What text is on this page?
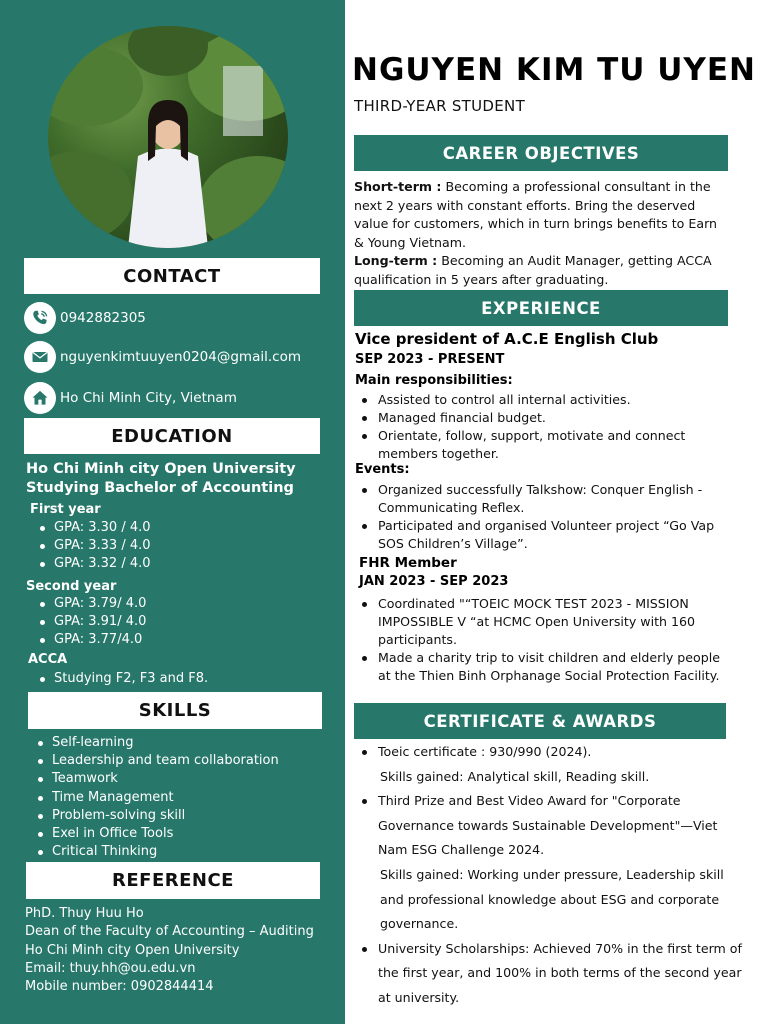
CONTACT
0942882305
nguyenkimtuuyen0204@gmail.com
Ho Chi Minh City, Vietnam
EDUCATION
Ho Chi Minh city Open University
Studying Bachelor of Accounting
First year
GPA: 3.30 / 4.0
GPA: 3.33 / 4.0
GPA: 3.32 / 4.0
Second year
GPA: 3.79/ 4.0
GPA: 3.91/ 4.0
GPA: 3.77/4.0
ACCA
Studying F2, F3 and F8.
SKILLS
Self-learning
Leadership and team collaboration
Teamwork
Time Management
Problem-solving skill
Exel in Office Tools
Critical Thinking
REFERENCE
PhD. Thuy Huu Ho
Dean of the Faculty of Accounting – Auditing
Ho Chi Minh city Open University
Email: thuy.hh@ou.edu.vn
Mobile number: 0902844414
NGUYEN KIM TU UYEN
THIRD-YEAR STUDENT
CAREER OBJECTIVES
Short-term : Becoming a professional consultant in the next 2 years with constant efforts. Bring the deserved value for customers, which in turn brings benefits to Earn & Young Vietnam.
Long-term : Becoming an Audit Manager, getting ACCA qualification in 5 years after graduating.
EXPERIENCE
Vice president of A.C.E English Club
SEP 2023 - PRESENT
Main responsibilities:
Assisted to control all internal activities.
Managed financial budget.
Orientate, follow, support, motivate and connect members together.
Events:
Organized successfully Talkshow: Conquer English - Communicating Reflex.
Participated and organised Volunteer project “Go Vap SOS Children’s Village”.
FHR Member
JAN 2023 - SEP 2023
Coordinated "“TOEIC MOCK TEST 2023 - MISSION IMPOSSIBLE V “at HCMC Open University with 160 participants.
Made a charity trip to visit children and elderly people at the Thien Binh Orphanage Social Protection Facility.
CERTIFICATE & AWARDS
Toeic certificate : 930/990 (2024).
Skills gained: Analytical skill, Reading skill.
Third Prize and Best Video Award for "Corporate Governance towards Sustainable Development"—Viet Nam ESG Challenge 2024.
Skills gained: Working under pressure, Leadership skill and professional knowledge about ESG and corporate governance.
University Scholarships: Achieved 70% in the first term of the first year, and 100% in both terms of the second year at university.
